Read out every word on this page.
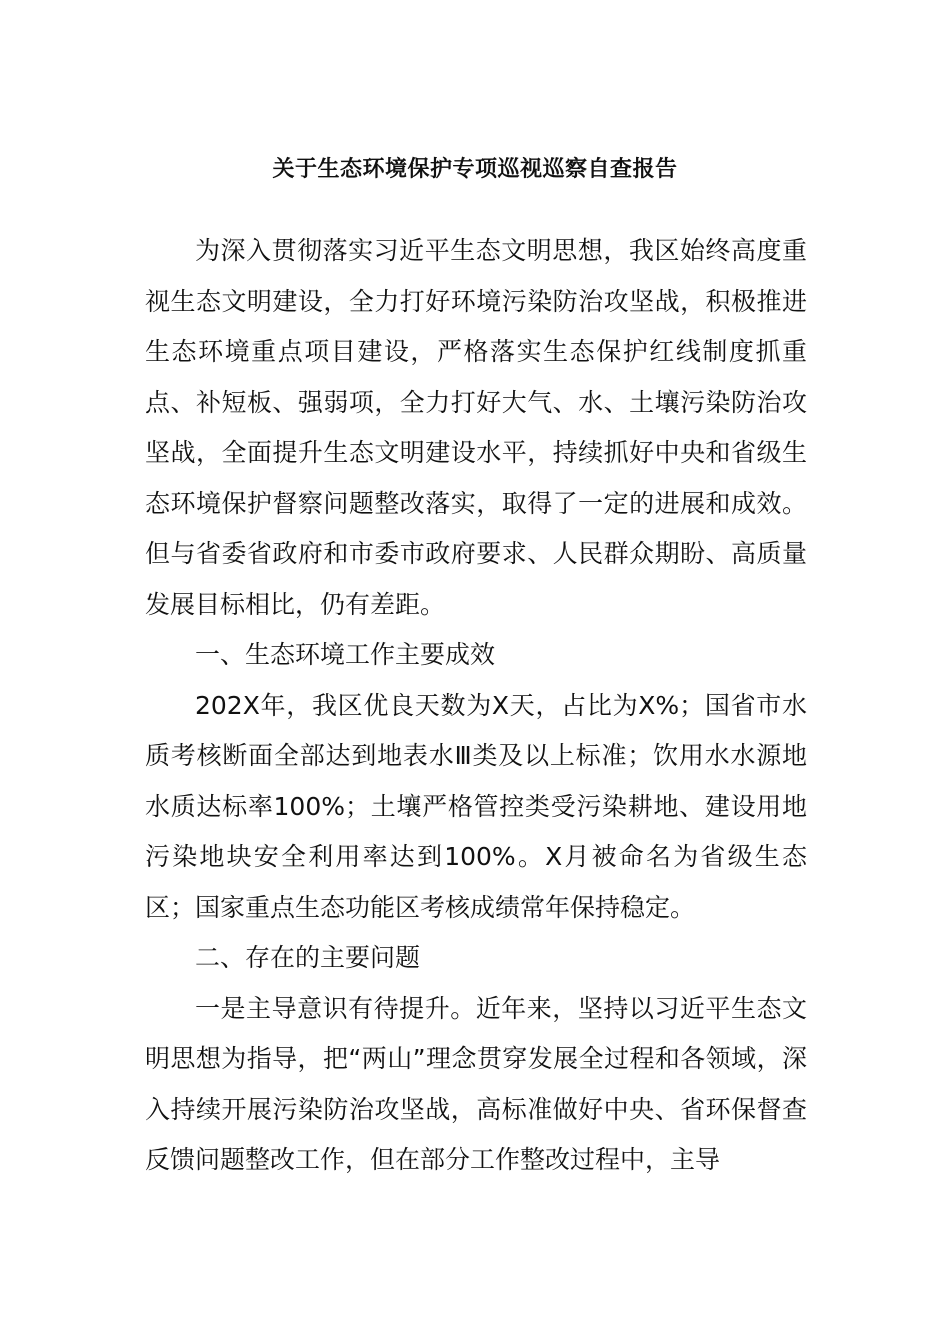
关于生态环境保护专项巡视巡察自查报告

为深入贯彻落实习近平生态文明思想，我区始终高度重视生态文明建设，全力打好环境污染防治攻坚战，积极推进生态环境重点项目建设，严格落实生态保护红线制度抓重点、补短板、强弱项，全力打好大气、水、土壤污染防治攻坚战，全面提升生态文明建设水平，持续抓好中央和省级生态环境保护督察问题整改落实，取得了一定的进展和成效。但与省委省政府和市委市政府要求、人民群众期盼、高质量发展目标相比，仍有差距。

一、生态环境工作主要成效

202X年，我区优良天数为X天，占比为X%；国省市水质考核断面全部达到地表水Ⅲ类及以上标准；饮用水水源地水质达标率100%；土壤严格管控类受污染耕地、建设用地污染地块安全利用率达到100%。X月被命名为省级生态区；国家重点生态功能区考核成绩常年保持稳定。

二、存在的主要问题

一是主导意识有待提升。近年来，坚持以习近平生态文明思想为指导，把“两山”理念贯穿发展全过程和各领域，深入持续开展污染防治攻坚战，高标准做好中央、省环保督查反馈问题整改工作，但在部分工作整改过程中，主导
